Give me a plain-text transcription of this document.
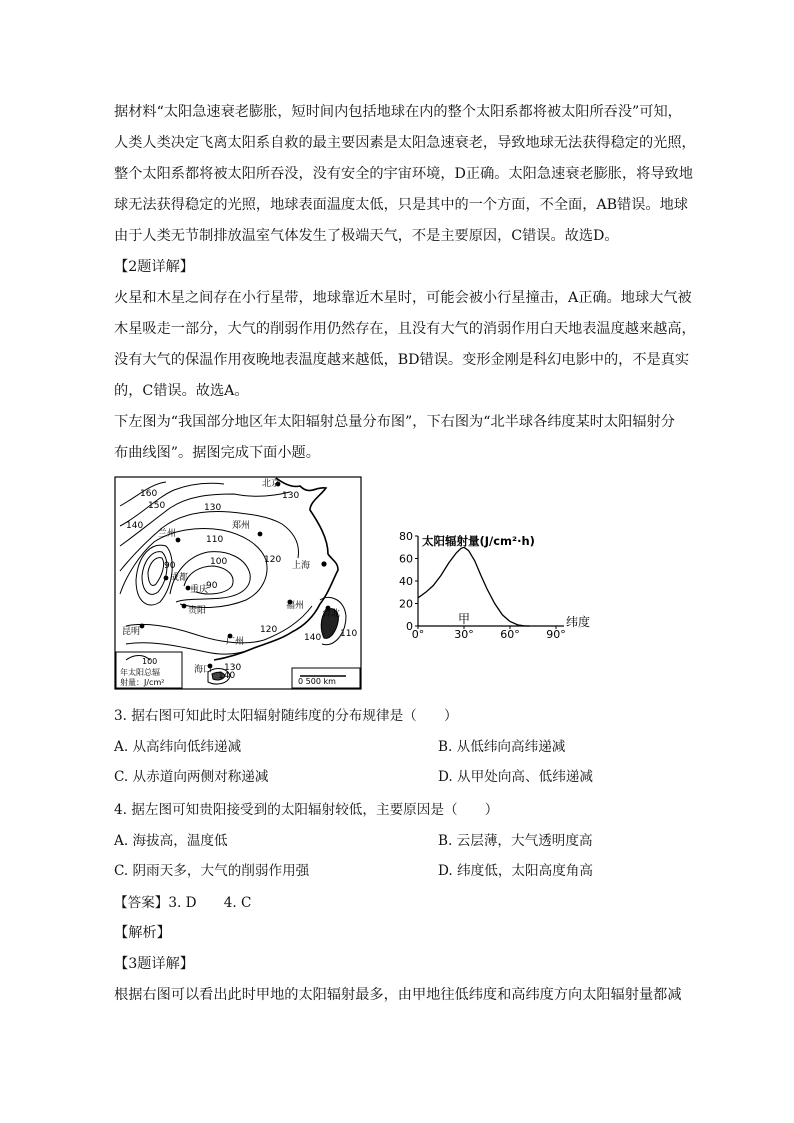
据材料“太阳急速衰老膨胀，短时间内包括地球在内的整个太阳系都将被太阳所吞没”可知，
人类人类决定飞离太阳系自救的最主要因素是太阳急速衰老，导致地球无法获得稳定的光照，
整个太阳系都将被太阳所吞没，没有安全的宇宙环境，D正确。太阳急速衰老膨胀，将导致地
球无法获得稳定的光照，地球表面温度太低，只是其中的一个方面，不全面，AB错误。地球
由于人类无节制排放温室气体发生了极端天气，不是主要原因，C错误。故选D。
【2题详解】
火星和木星之间存在小行星带，地球靠近木星时，可能会被小行星撞击，A正确。地球大气被
木星吸走一部分，大气的削弱作用仍然存在，且没有大气的消弱作用白天地表温度越来越高，
没有大气的保温作用夜晚地表温度越来越低，BD错误。变形金刚是科幻电影中的，不是真实
的，C错误。故选A。
下左图为“我国部分地区年太阳辐射总量分布图”，下右图为“北半球各纬度某时太阳辐射分
布曲线图”。据图完成下面小题。
北京
郑州
兰州
成都
重庆
贵阳
上海
福州
台北
昆明
广州
海口
160
150
140
130
110
100
90
120
130
140 110
120
130
140
90
100
年太阳总辐
射量：J/cm²	0 500 km
太阳辐射量(J/cm²·h)
纬度
0
20
40
60
80
0°	30° 60° 90°
甲
3. 据右图可知此时太阳辐射随纬度的分布规律是（　　）
A. 从高纬向低纬递减	B. 从低纬向高纬递减
C. 从赤道向两侧对称递减	D. 从甲处向高、低纬递减
4. 据左图可知贵阳接受到的太阳辐射较低，主要原因是（　　）
A. 海拔高，温度低	B. 云层薄，大气透明度高
C. 阴雨天多，大气的削弱作用强	D. 纬度低，太阳高度角高
【答案】3. D　　4. C
【解析】
【3题详解】
根据右图可以看出此时甲地的太阳辐射最多，由甲地往低纬度和高纬度方向太阳辐射量都减
